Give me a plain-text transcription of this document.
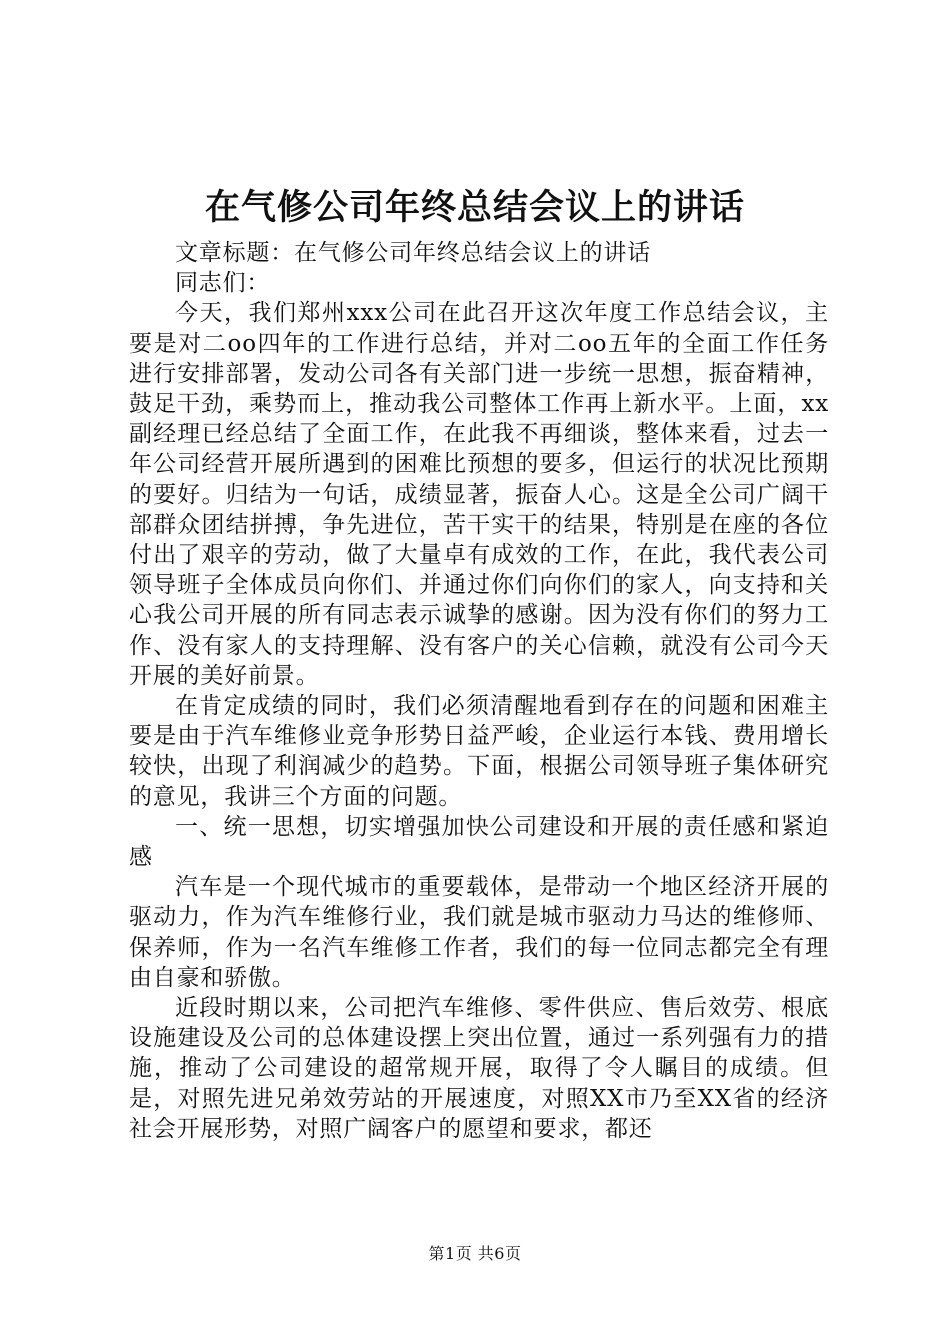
在气修公司年终总结会议上的讲话

文章标题：在气修公司年终总结会议上的讲话

同志们：

今天，我们郑州xxx公司在此召开这次年度工作总结会议，主要是对二oo四年的工作进行总结，并对二oo五年的全面工作任务进行安排部署，发动公司各有关部门进一步统一思想，振奋精神，鼓足干劲，乘势而上，推动我公司整体工作再上新水平。上面，xx副经理已经总结了全面工作，在此我不再细谈，整体来看，过去一年公司经营开展所遇到的困难比预想的要多，但运行的状况比预期的要好。归结为一句话，成绩显著，振奋人心。这是全公司广阔干部群众团结拼搏，争先进位，苦干实干的结果，特别是在座的各位付出了艰辛的劳动，做了大量卓有成效的工作，在此，我代表公司领导班子全体成员向你们、并通过你们向你们的家人，向支持和关心我公司开展的所有同志表示诚挚的感谢。因为没有你们的努力工作、没有家人的支持理解、没有客户的关心信赖，就没有公司今天开展的美好前景。

在肯定成绩的同时，我们必须清醒地看到存在的问题和困难主要是由于汽车维修业竞争形势日益严峻，企业运行本钱、费用增长较快，出现了利润减少的趋势。下面，根据公司领导班子集体研究的意见，我讲三个方面的问题。

一、统一思想，切实增强加快公司建设和开展的责任感和紧迫感

汽车是一个现代城市的重要载体，是带动一个地区经济开展的驱动力，作为汽车维修行业，我们就是城市驱动力马达的维修师、保养师，作为一名汽车维修工作者，我们的每一位同志都完全有理由自豪和骄傲。

近段时期以来，公司把汽车维修、零件供应、售后效劳、根底设施建设及公司的总体建设摆上突出位置，通过一系列强有力的措施，推动了公司建设的超常规开展，取得了令人瞩目的成绩。但是，对照先进兄弟效劳站的开展速度，对照XX市乃至XX省的经济社会开展形势，对照广阔客户的愿望和要求，都还

第1页 共6页
